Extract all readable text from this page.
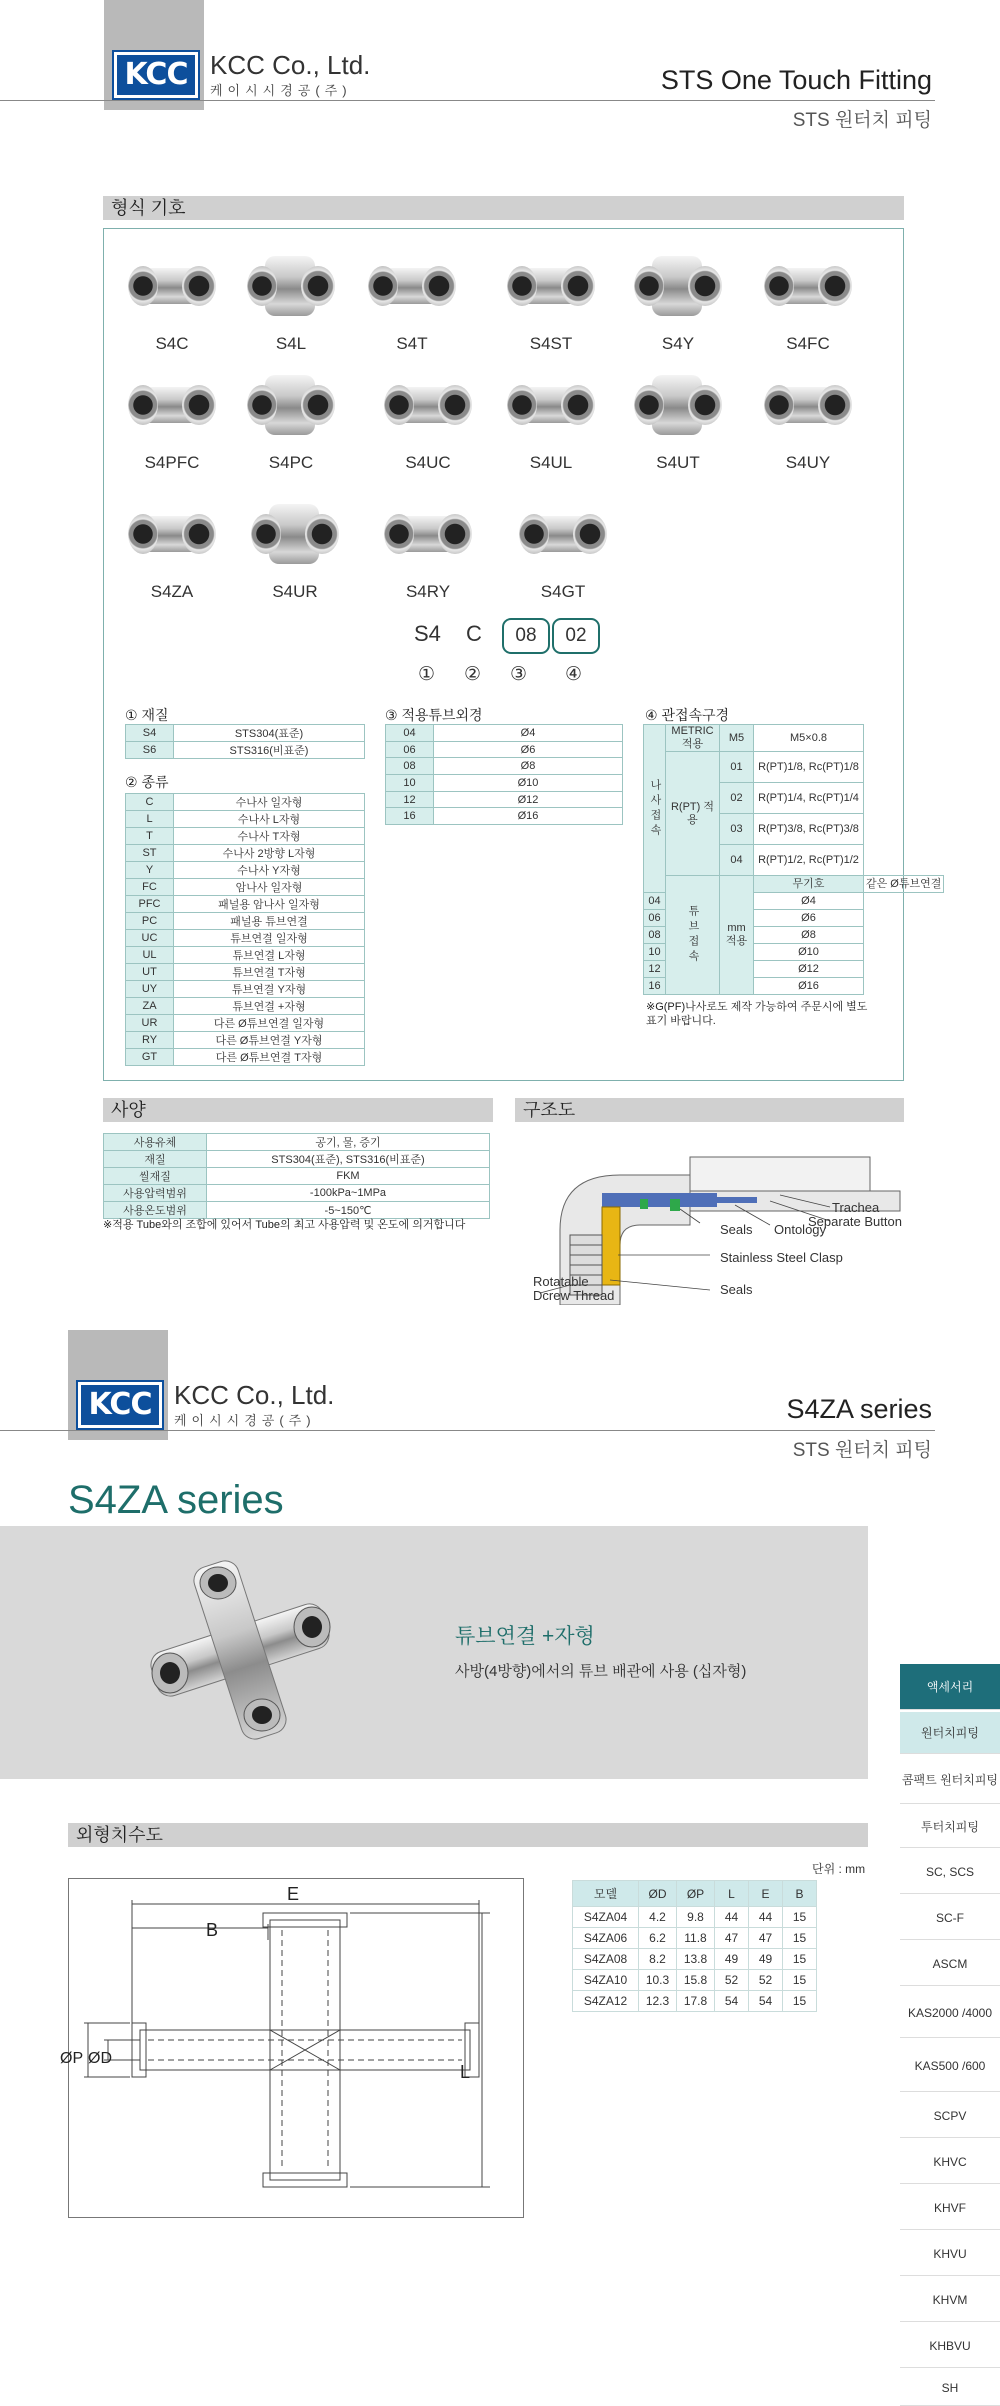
KCC KCC Co., Ltd.
케이시시경공(주)	STS One Touch Fitting
STS 원터치 피팅
형식 기호
S4C	S4L	S4T	S4ST	S4Y	S4FC
S4PFC	S4PC	S4UC	S4UL	S4UT	S4UY
S4ZA	S4UR	S4RY	S4GT
S4 C	08	02
① ② ③ ④
① 재질
S4	STS304(표준)
S6	STS316(비표준)
② 종류
C	수나사 일자형
L	수나사 L자형
T	수나사 T자형
ST	수나사 2방향 L자형
Y	수나사 Y자형
FC	암나사 일자형
PFC	패널용 암나사 일자형
PC	패널용 튜브연결
UC	튜브연결 일자형
UL	튜브연결 L자형
UT	튜브연결 T자형
UY	튜브연결 Y자형
ZA	튜브연결 +자형
UR	다른 Ø튜브연결 일자형
RY	다른 Ø튜브연결 Y자형
GT	다른 Ø튜브연결 T자형
③ 적용튜브외경
04	Ø4
06	Ø6
08	Ø8
10	Ø10
12	Ø12
16	Ø16
④ 관접속구경
나사접속	METRIC 적용	M5	M5×0.8	
	R(PT) 적용	01	R(PT)1/8, Rc(PT)1/8	
		02	R(PT)1/4, Rc(PT)1/4	
		03	R(PT)3/8, Rc(PT)3/8	
		04	R(PT)1/2, Rc(PT)1/2	
	튜브접속	mm 적용	무기호	같은 Ø튜브연결
04			Ø4	
06			Ø6	
08			Ø8	
10			Ø10	
12			Ø12	
16			Ø16	
※G(PF)나사로도 제작 가능하여 주문시에 별도 표기 바랍니다.
사양
사용유체	공기, 물, 증기
재질	STS304(표준), STS316(비표준)
씰재질	FKM
사용압력범위	-100kPa~1MPa
사용온도범위	-5~150℃
※적용 Tube와의 조합에 있어서 Tube의 최고 사용압력 및 온도에 의거합니다
구조도
Trachea
Separate Button
Seals Ontology
Stainless Steel Clasp
Rotatable
Dcrew Thread	Seals
KCC KCC Co., Ltd.
케이시시경공(주)	S4ZA series
STS 원터치 피팅
S4ZA series
튜브연결 +자형
사방(4방향)에서의 튜브 배관에 사용 (십자형)
외형치수도
E
B
ØP ØD
L
단위 : mm
모델	ØD	ØP	L	E	B
S4ZA04	4.2	9.8	44	44	15
S4ZA06	6.2	11.8	47	47	15
S4ZA08	8.2	13.8	49	49	15
S4ZA10	10.3	15.8	52	52	15
S4ZA12	12.3	17.8	54	54	15
액세서리
원터치피팅
콤팩트 원터치피팅
투터치피팅
SC, SCS
SC-F
ASCM
KAS2000 /4000
KAS500 /600
SCPV
KHVC
KHVF
KHVU
KHVM
KHBVU
SH
